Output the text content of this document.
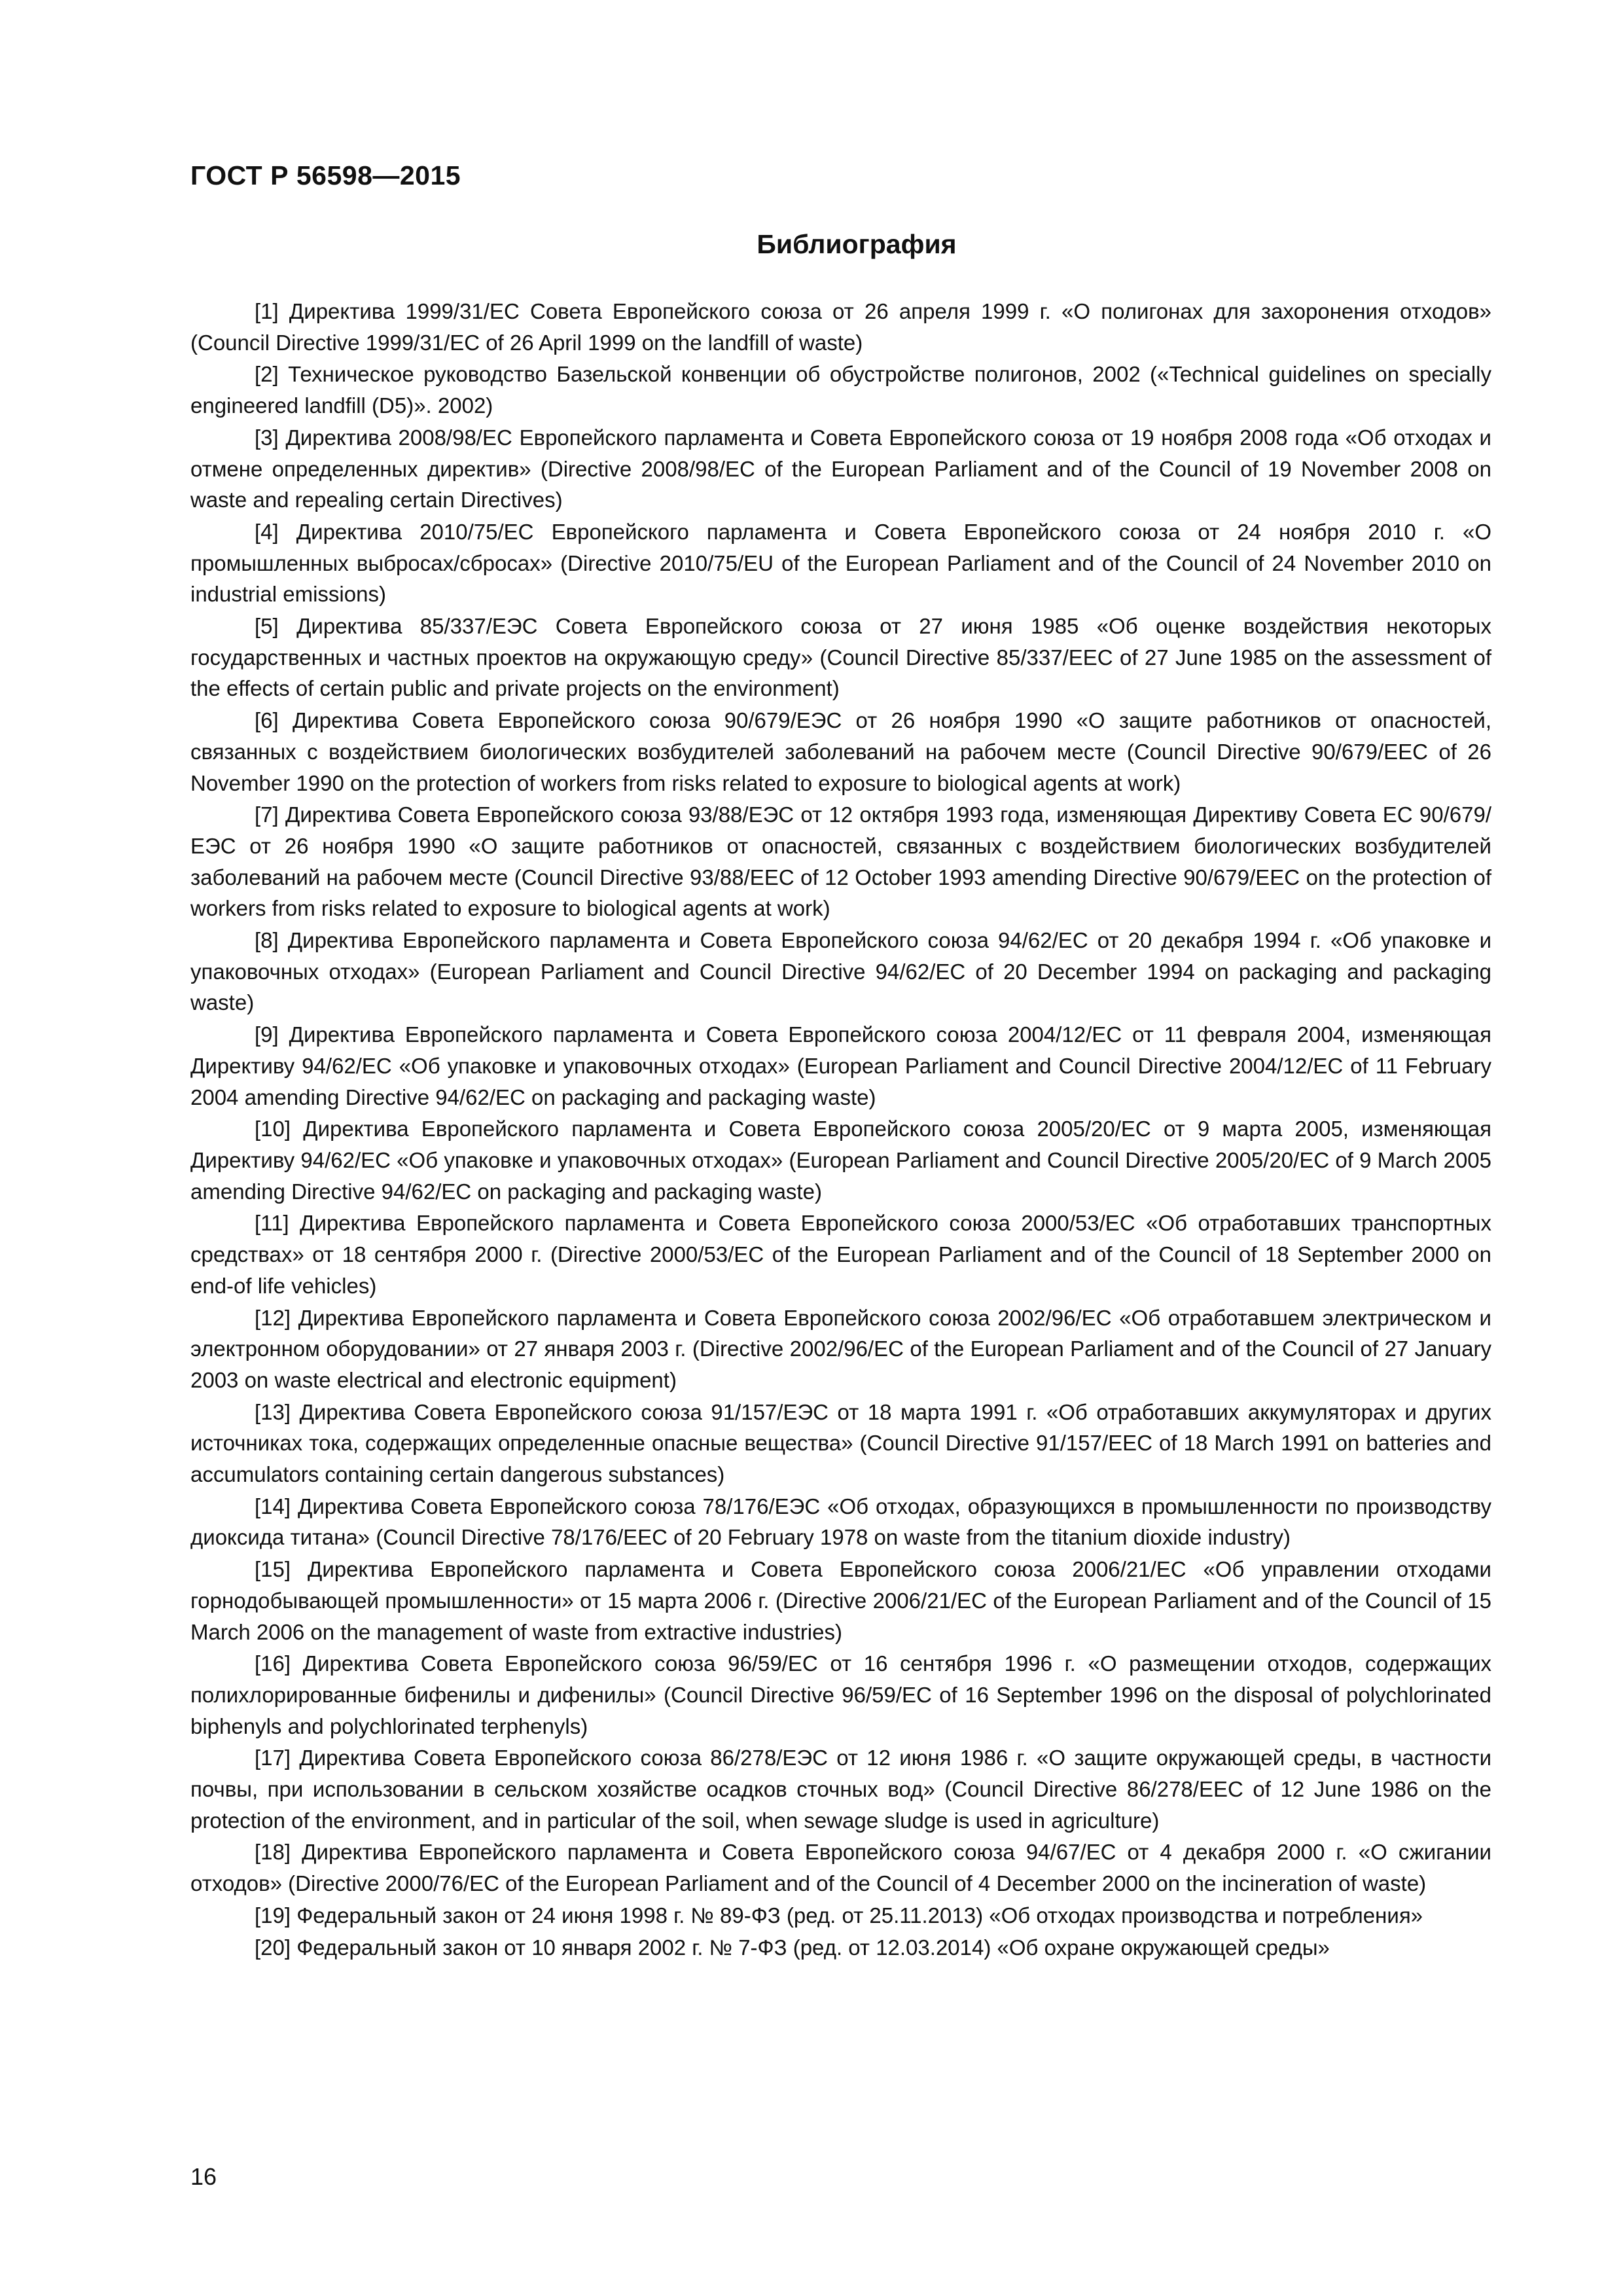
ГОСТ Р 56598—2015
Библиография
[1] Директива 1999/31/ЕС Совета Европейского союза от 26 апреля 1999 г. «О полигонах для захоронения отходов» (Council Directive 1999/31/ЕС of 26 April 1999 on the landfill of waste)
[2] Техническое руководство Базельской конвенции об обустройстве полигонов, 2002 («Technical guidelines on specially engineered landfill (D5)». 2002)
[3] Директива 2008/98/ЕС Европейского парламента и Совета Европейского союза от 19 ноября 2008 года «Об отходах и отмене определенных директив» (Directive 2008/98/ЕС of the European Parliament and of the Council of 19 November 2008 on waste and repealing certain Directives)
[4] Директива 2010/75/ЕС Европейского парламента и Совета Европейского союза от 24 ноября 2010 г. «О промышленных выбросах/сбросах» (Directive 2010/75/EU of the European Parliament and of the Council of 24 November 2010 on industrial emissions)
[5] Директива 85/337/ЕЭС Совета Европейского союза от 27 июня 1985 «Об оценке воздействия некоторых государственных и частных проектов на окружающую среду» (Council Directive 85/337/ЕЕС of 27 June 1985 on the assessment of the effects of certain public and private projects on the environment)
[6] Директива Совета Европейского союза 90/679/ЕЭС от 26 ноября 1990 «О защите работников от опасностей, связанных с воздействием биологических возбудителей заболеваний на рабочем месте (Council Directive 90/679/ЕЕС of 26 November 1990 on the protection of workers from risks related to exposure to biological agents at work)
[7] Директива Совета Европейского союза 93/88/ЕЭС от 12 октября 1993 года, изменяющая Директиву Совета ЕС 90/679/ЕЭС от 26 ноября 1990 «О защите работников от опасностей, связанных с воздействием биологических возбудителей заболеваний на рабочем месте (Council Directive 93/88/ЕЕС of 12 October 1993 amending Directive 90/679/ЕЕС on the protection of workers from risks related to exposure to biological agents at work)
[8] Директива Европейского парламента и Совета Европейского союза 94/62/ЕС от 20 декабря 1994 г. «Об упаковке и упаковочных отходах» (European Parliament and Council Directive 94/62/ЕС of 20 December 1994 on packaging and packaging waste)
[9] Директива Европейского парламента и Совета Европейского союза 2004/12/ЕС от 11 февраля 2004, изменяющая Директиву 94/62/ЕС «Об упаковке и упаковочных отходах» (European Parliament and Council Directive 2004/12/ЕС of 11 February 2004 amending Directive 94/62/ЕС on packaging and packaging waste)
[10] Директива Европейского парламента и Совета Европейского союза 2005/20/ЕС от 9 марта 2005, изменяющая Директиву 94/62/ЕС «Об упаковке и упаковочных отходах» (European Parliament and Council Directive 2005/20/ЕС of 9 March 2005 amending Directive 94/62/ЕС on packaging and packaging waste)
[11] Директива Европейского парламента и Совета Европейского союза 2000/53/ЕС «Об отработавших транспортных средствах» от 18 сентября 2000 г. (Directive 2000/53/ЕС of the European Parliament and of the Council of 18 September 2000 on end-of life vehicles)
[12] Директива Европейского парламента и Совета Европейского союза 2002/96/ЕС «Об отработавшем электрическом и электронном оборудовании» от 27 января 2003 г. (Directive 2002/96/ЕС of the European Parliament and of the Council of 27 January 2003 on waste electrical and electronic equipment)
[13] Директива Совета Европейского союза 91/157/ЕЭС от 18 марта 1991 г. «Об отработавших аккумуляторах и других источниках тока, содержащих определенные опасные вещества» (Council Directive 91/157/ЕЕС of 18 March 1991 on batteries and accumulators containing certain dangerous substances)
[14] Директива Совета Европейского союза 78/176/ЕЭС «Об отходах, образующихся в промышленности по производству диоксида титана» (Council Directive 78/176/ЕЕС of 20 February 1978 on waste from the titanium dioxide industry)
[15] Директива Европейского парламента и Совета Европейского союза 2006/21/ЕС «Об управлении отходами горнодобывающей промышленности» от 15 марта 2006 г. (Directive 2006/21/ЕС of the European Parliament and of the Council of 15 March 2006 on the management of waste from extractive industries)
[16] Директива Совета Европейского союза 96/59/ЕС от 16 сентября 1996 г. «О размещении отходов, содержащих полихлорированные бифенилы и дифенилы» (Council Directive 96/59/ЕС of 16 September 1996 on the disposal of polychlorinated biphenyls and polychlorinated terphenyls)
[17] Директива Совета Европейского союза 86/278/ЕЭС от 12 июня 1986 г. «О защите окружающей среды, в частности почвы, при использовании в сельском хозяйстве осадков сточных вод» (Council Directive 86/278/ЕЕС of 12 June 1986 on the protection of the environment, and in particular of the soil, when sewage sludge is used in agriculture)
[18] Директива Европейского парламента и Совета Европейского союза 94/67/ЕС от 4 декабря 2000 г. «О сжигании отходов» (Directive 2000/76/ЕС of the European Parliament and of the Council of 4 December 2000 on the incineration of waste)
[19] Федеральный закон от 24 июня 1998 г. № 89-ФЗ (ред. от 25.11.2013) «Об отходах производства и потребления»
[20] Федеральный закон от 10 января 2002 г. № 7-ФЗ (ред. от 12.03.2014) «Об охране окружающей среды»
16
